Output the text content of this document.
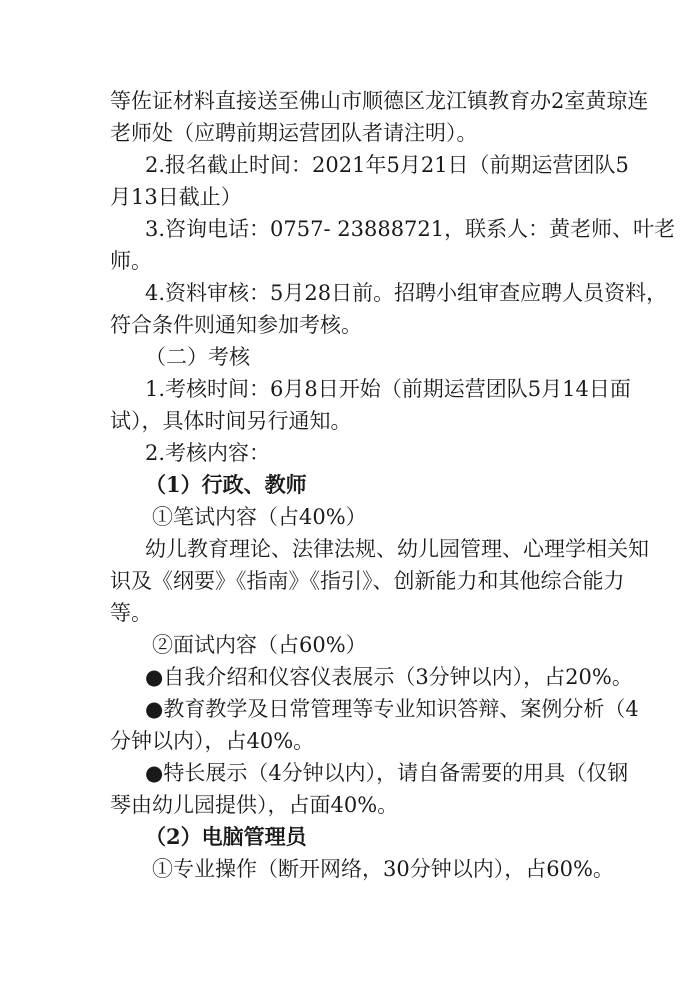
等佐证材料直接送至佛山市顺德区龙江镇教育办2室黄琼连
老师处（应聘前期运营团队者请注明）。
2.报名截止时间：2021年5月21日（前期运营团队5
月13日截止）
3.咨询电话：0757- 23888721，联系人：黄老师、叶老
师。
4.资料审核：5月28日前。招聘小组审查应聘人员资料，
符合条件则通知参加考核。
（二）考核
1.考核时间：6月8日开始（前期运营团队5月14日面
试），具体时间另行通知。
2.考核内容：
（1）行政、教师
①笔试内容（占40%）
幼儿教育理论、法律法规、幼儿园管理、心理学相关知
识及《纲要》《指南》《指引》、创新能力和其他综合能力
等。
②面试内容（占60%）
●自我介绍和仪容仪表展示（3分钟以内），占20%。
●教育教学及日常管理等专业知识答辩、案例分析（4
分钟以内），占40%。
●特长展示（4分钟以内），请自备需要的用具（仅钢
琴由幼儿园提供），占面40%。
（2）电脑管理员
①专业操作（断开网络，30分钟以内），占60%。
